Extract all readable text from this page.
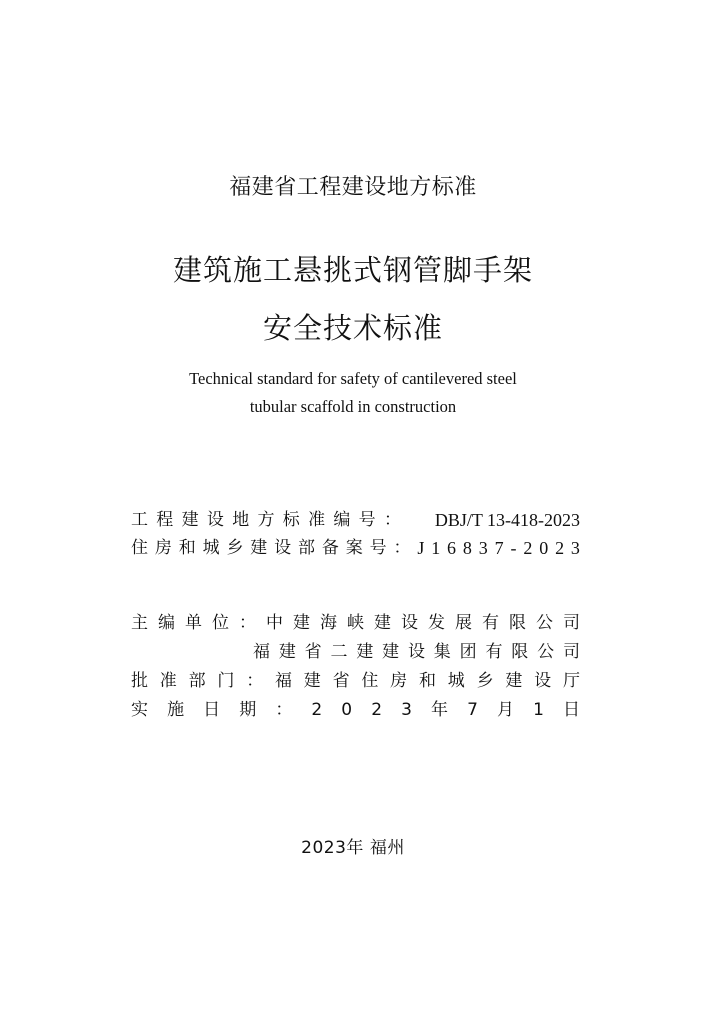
福建省工程建设地方标准
建筑施工悬挑式钢管脚手架
安全技术标准
Technical standard for safety of cantilevered steel
tubular scaffold in construction
工 程 建 设 地 方 标 准 编 号 ： DBJ/T 13-418-2023
住 房 和 城 乡 建 设 部 备 案 号 ： J 1 6 8 3 7 - 2 0 2 3
主 编 单 位 ： 中 建 海 峡 建 设 发 展 有 限 公 司
福 建 省 二 建 建 设 集 团 有 限 公 司
批 准 部 门 ： 福 建 省 住 房 和 城 乡 建 设 厅
实 施 日 期 ： 2 0 2 3 年 7 月 1 日
2023年 福州
